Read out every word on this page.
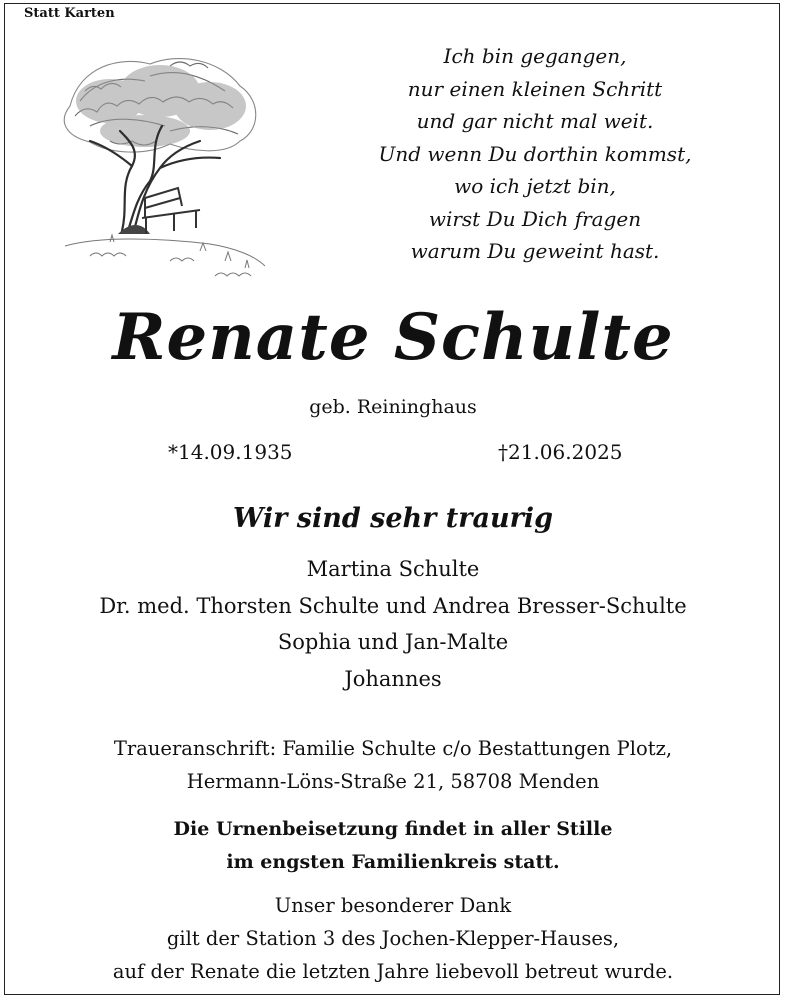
Statt Karten
Ich bin gegangen,
nur einen kleinen Schritt
und gar nicht mal weit.
Und wenn Du dorthin kommst,
wo ich jetzt bin,
wirst Du Dich fragen
warum Du geweint hast.
Renate Schulte
geb. Reininghaus
*14.09.1935	†21.06.2025
Wir sind sehr traurig
Martina Schulte
Dr. med. Thorsten Schulte und Andrea Bresser-Schulte
Sophia und Jan-Malte
Johannes
Traueranschrift: Familie Schulte c/o Bestattungen Plotz,
Hermann-Löns-Straße 21, 58708 Menden
Die Urnenbeisetzung findet in aller Stille
im engsten Familienkreis statt.
Unser besonderer Dank
gilt der Station 3 des Jochen-Klepper-Hauses,
auf der Renate die letzten Jahre liebevoll betreut wurde.
